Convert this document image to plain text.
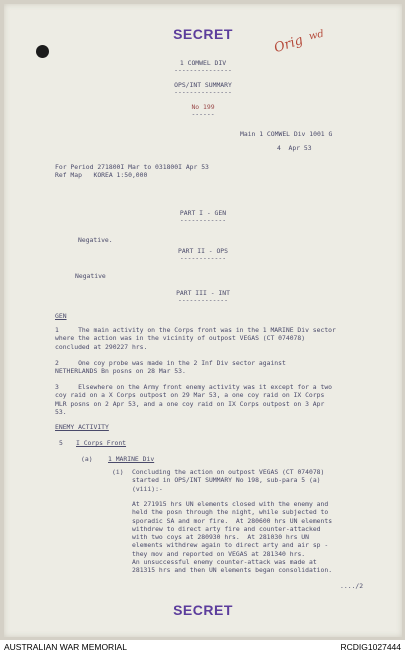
SECRET	Orig wd
1 COMWEL DIV
---------------
OPS/INT SUMMARY
---------------
No 199
------
Main 1 COMWEL Div 1001 G
4  Apr 53
For Period 271800I Mar to 031800I Apr 53
Ref Map   KOREA 1:50,000
PART I - GEN
------------
Negative.
PART II - OPS
------------
Negative
PART III - INT
-------------
GEN

1     The main activity on the Corps front was in the 1 MARINE Div sector

where the action was in the vicinity of outpost VEGAS (CT 074078)

concluded at 290227 hrs.

2     One coy probe was made in the 2 Inf Div sector against

NETHERLANDS Bn posns on 28 Mar 53.

3     Elsewhere on the Army front enemy activity was it except for a two

coy raid on a X Corps outpost on 29 Mar 53, a one coy raid on IX Corps

MLR posns on 2 Apr 53, and a one coy raid on IX Corps outpost on 3 Apr

53.

ENEMY ACTIVITY
5 I Corps Front
(a) 1 MARINE Div
(i) Concluding the action on outpost VEGAS (CT 074078)

started in OPS/INT SUMMARY No 198, sub-para 5 (a)

(viii):-

At 271915 hrs UN elements closed with the enemy and

held the posn through the night, while subjected to

sporadic SA and mor fire.  At 280600 hrs UN elements

withdrew to direct arty fire and counter-attacked

with two coys at 280930 hrs.  At 281030 hrs UN

elements withdrew again to direct arty and air sp -

they mov and reported on VEGAS at 281340 hrs.

An unsuccessful enemy counter-attack was made at

281315 hrs and then UN elements began consolidation.

..../2
SECRET
AUSTRALIAN WAR MEMORIAL	RCDIG1027444
